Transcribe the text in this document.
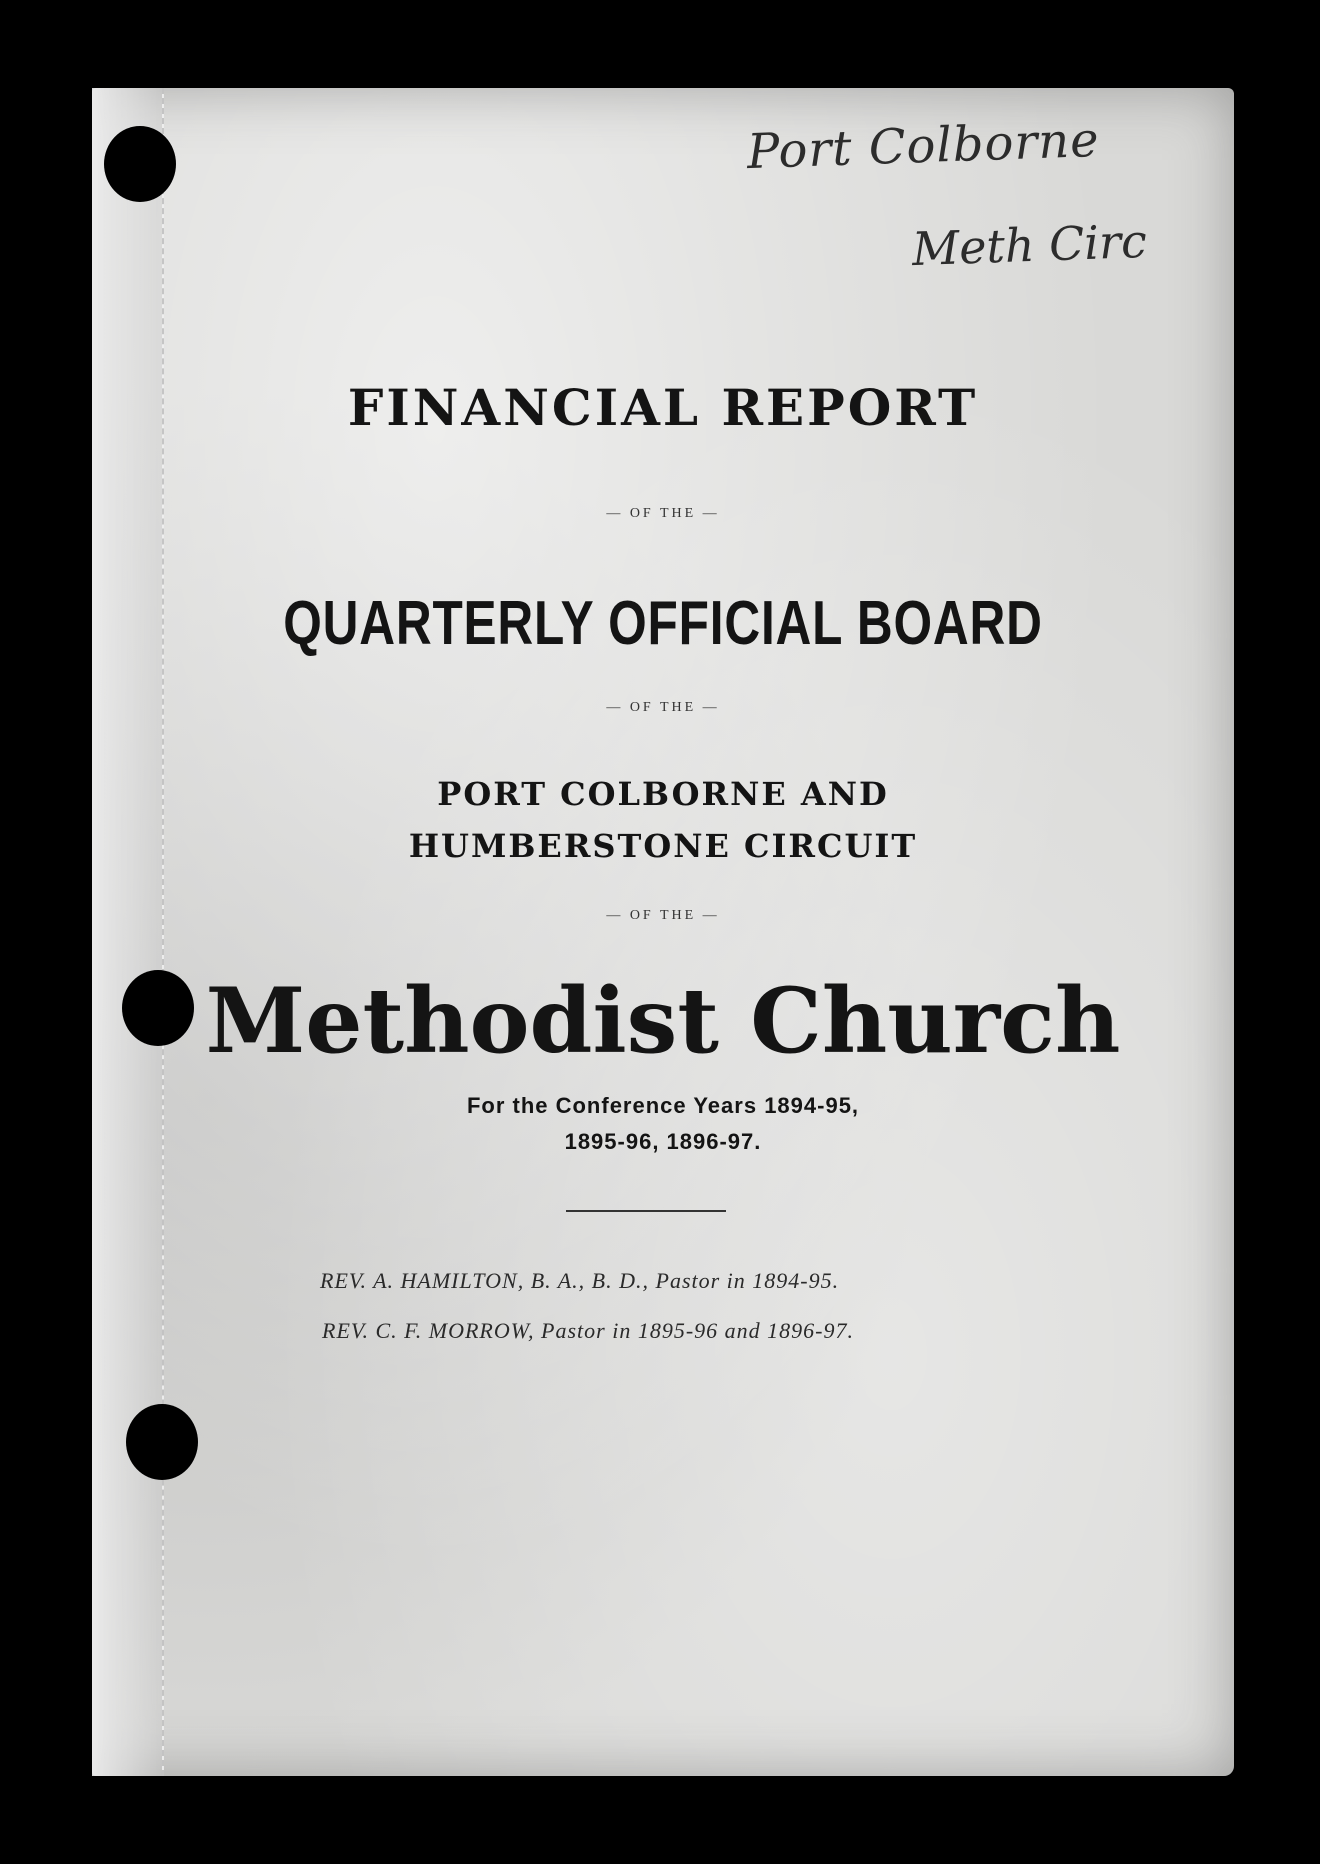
Port Colborne
Meth Circ
FINANCIAL REPORT
— OF THE —
QUARTERLY OFFICIAL BOARD
— OF THE —
PORT COLBORNE AND
HUMBERSTONE CIRCUIT
— OF THE —
Methodist Church
For the Conference Years 1894-95,
1895-96, 1896-97.
REV. A. HAMILTON, B. A., B. D., Pastor in 1894-95.
REV. C. F. MORROW, Pastor in 1895-96 and 1896-97.
